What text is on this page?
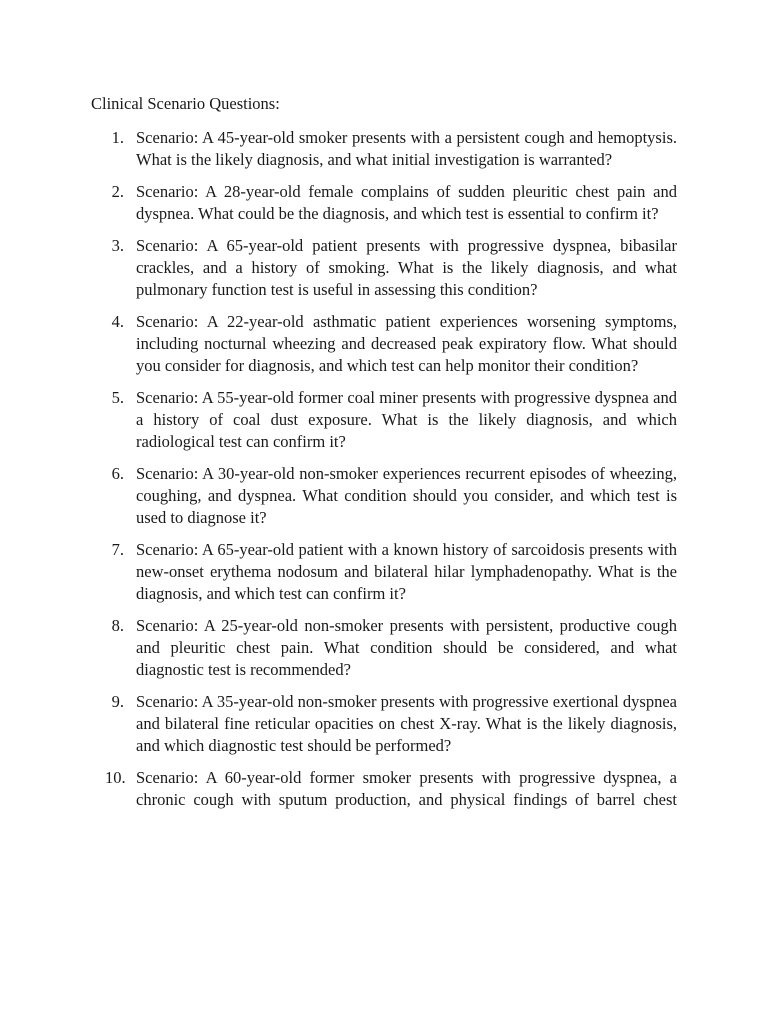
Clinical Scenario Questions:
1. Scenario: A 45-year-old smoker presents with a persistent cough and hemoptysis. What is the likely diagnosis, and what initial investigation is warranted?
2. Scenario: A 28-year-old female complains of sudden pleuritic chest pain and dyspnea. What could be the diagnosis, and which test is essential to confirm it?
3. Scenario: A 65-year-old patient presents with progressive dyspnea, bibasilar crackles, and a history of smoking. What is the likely diagnosis, and what pulmonary function test is useful in assessing this condition?
4. Scenario: A 22-year-old asthmatic patient experiences worsening symptoms, including nocturnal wheezing and decreased peak expiratory flow. What should you consider for diagnosis, and which test can help monitor their condition?
5. Scenario: A 55-year-old former coal miner presents with progressive dyspnea and a history of coal dust exposure. What is the likely diagnosis, and which radiological test can confirm it?
6. Scenario: A 30-year-old non-smoker experiences recurrent episodes of wheezing, coughing, and dyspnea. What condition should you consider, and which test is used to diagnose it?
7. Scenario: A 65-year-old patient with a known history of sarcoidosis presents with new-onset erythema nodosum and bilateral hilar lymphadenopathy. What is the diagnosis, and which test can confirm it?
8. Scenario: A 25-year-old non-smoker presents with persistent, productive cough and pleuritic chest pain. What condition should be considered, and what diagnostic test is recommended?
9. Scenario: A 35-year-old non-smoker presents with progressive exertional dyspnea and bilateral fine reticular opacities on chest X-ray. What is the likely diagnosis, and which diagnostic test should be performed?
10. Scenario: A 60-year-old former smoker presents with progressive dyspnea, a chronic cough with sputum production, and physical findings of barrel chest
